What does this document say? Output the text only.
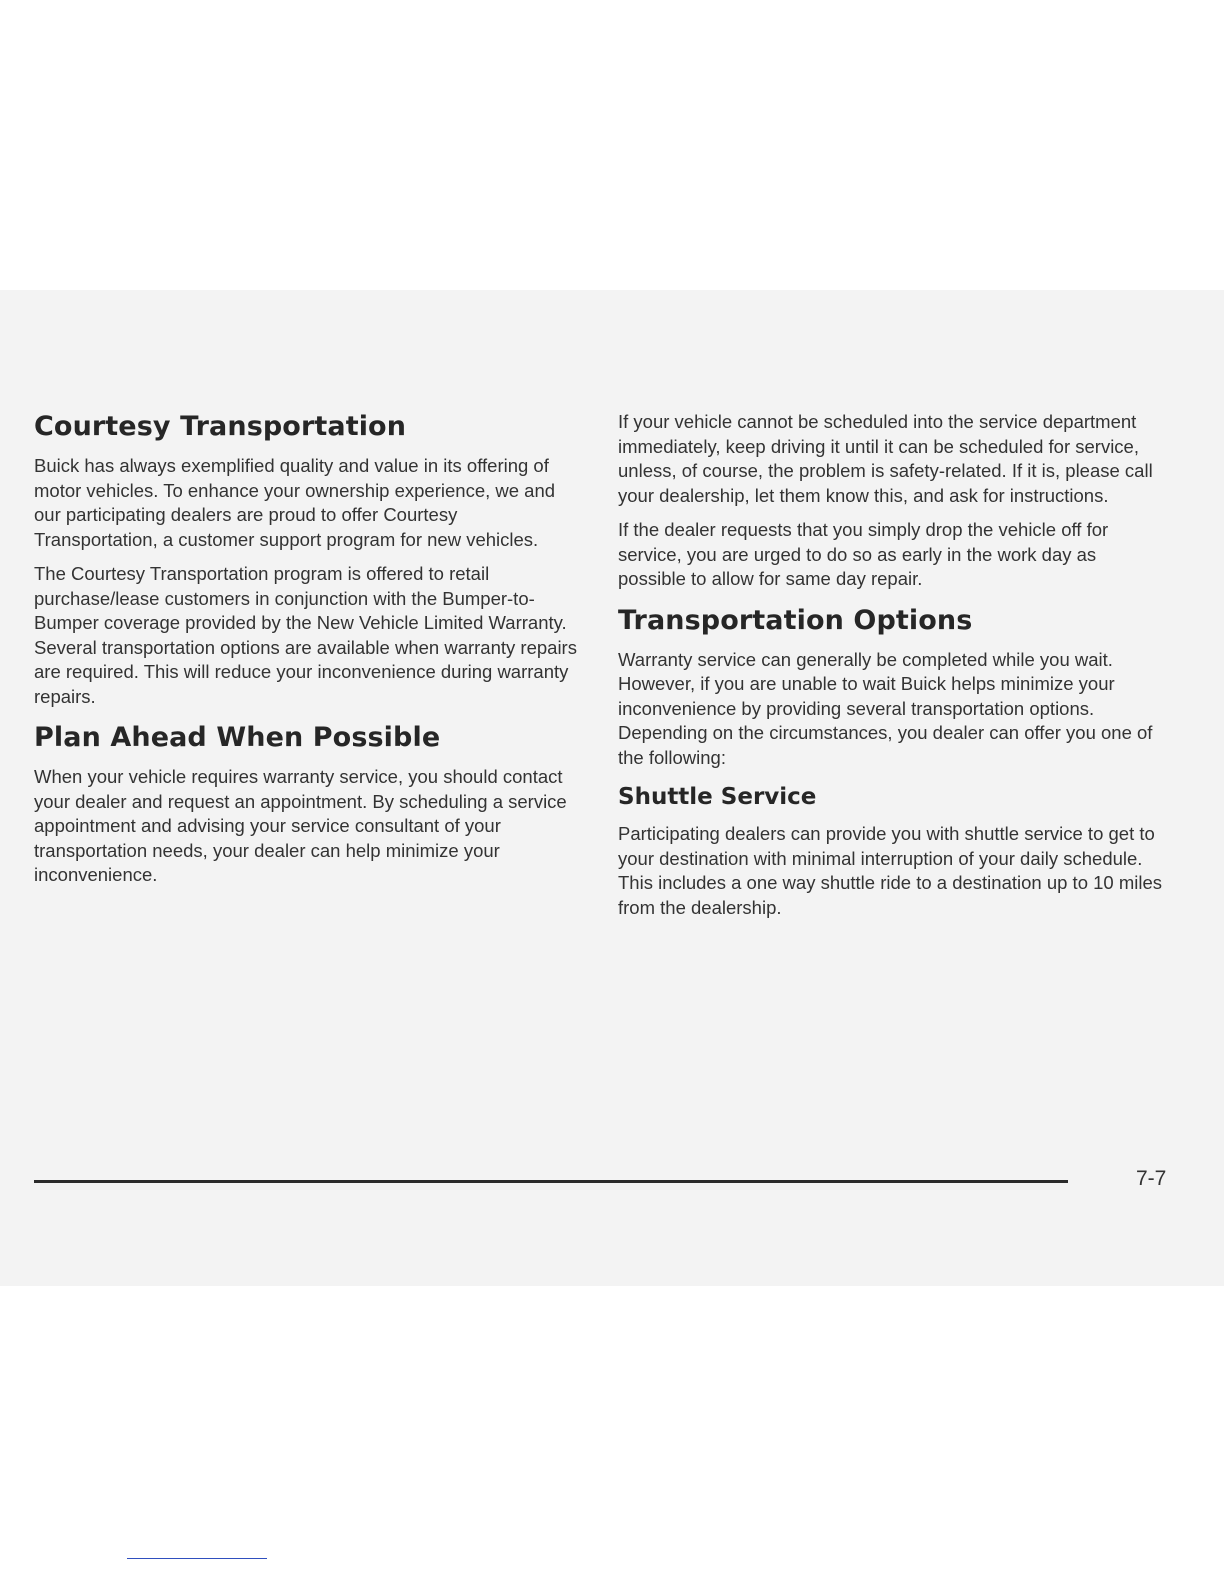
Courtesy Transportation

Buick has always exemplified quality and value in its offering of motor vehicles. To enhance your ownership experience, we and our participating dealers are proud to offer Courtesy Transportation, a customer support program for new vehicles.

The Courtesy Transportation program is offered to retail purchase/lease customers in conjunction with the Bumper-to-Bumper coverage provided by the New Vehicle Limited Warranty. Several transportation options are available when warranty repairs are required. This will reduce your inconvenience during warranty repairs.

Plan Ahead When Possible

When your vehicle requires warranty service, you should contact your dealer and request an appointment. By scheduling a service appointment and advising your service consultant of your transportation needs, your dealer can help minimize your inconvenience.

If your vehicle cannot be scheduled into the service department immediately, keep driving it until it can be scheduled for service, unless, of course, the problem is safety-related. If it is, please call your dealership, let them know this, and ask for instructions.

If the dealer requests that you simply drop the vehicle off for service, you are urged to do so as early in the work day as possible to allow for same day repair.

Transportation Options

Warranty service can generally be completed while you wait. However, if you are unable to wait Buick helps minimize your inconvenience by providing several transportation options. Depending on the circumstances, you dealer can offer you one of the following:

Shuttle Service

Participating dealers can provide you with shuttle service to get to your destination with minimal interruption of your daily schedule. This includes a one way shuttle ride to a destination up to 10 miles from the dealership.

7-7
